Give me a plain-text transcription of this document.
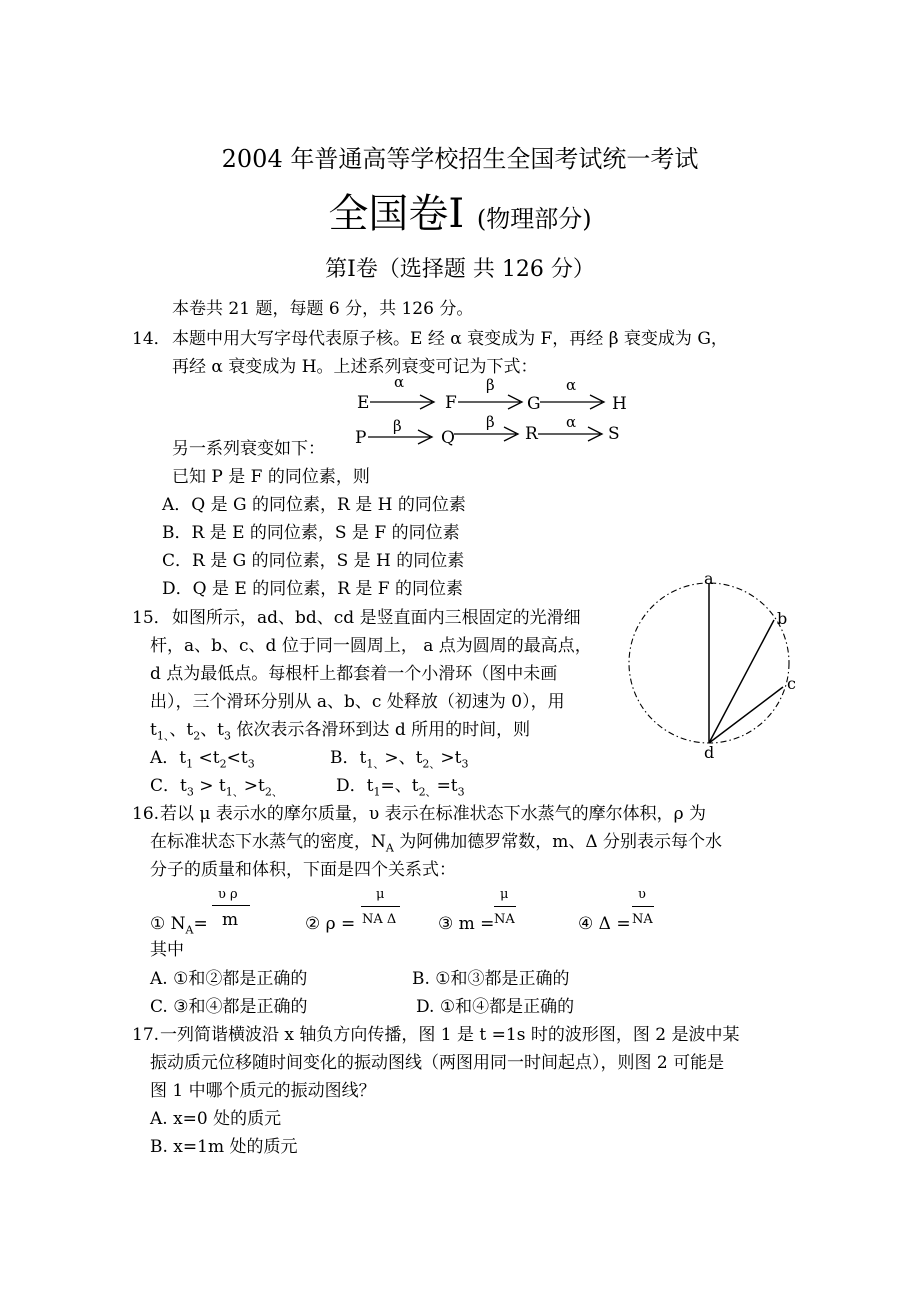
2004 年普通高等学校招生全国考试统一考试
全国卷Ⅰ (物理部分)
第Ⅰ卷（选择题 共 126 分）
本卷共 21 题，每题 6 分，共 126 分。
14． 本题中用大写字母代表原子核。E 经 α 衰变成为 F，再经 β 衰变成为 G，
再经 α 衰变成为 H。上述系列衰变可记为下式：
E	F	G	H
α	β	α
P	Q	R	S
β	β	α
a
b
c
d
另一系列衰变如下：
已知 P 是 F 的同位素，则
A．Q 是 G 的同位素，R 是 H 的同位素
B．R 是 E 的同位素，S 是 F 的同位素
C．R 是 G 的同位素，S 是 H 的同位素
D．Q 是 E 的同位素，R 是 F 的同位素
15． 如图所示，ad、bd、cd 是竖直面内三根固定的光滑细
杆，a、b、c、d 位于同一圆周上， a 点为圆周的最高点，
d 点为最低点。每根杆上都套着一个小滑环（图中未画
出），三个滑环分别从 a、b、c 处释放（初速为 0），用
$t_{1、}$、$t_2$、$t_3$ 依次表示各滑环到达 d 所用的时间，则
A．$t_1 <t_2<t_3$	B．$t_{1、}>$、$t_{2、}>t_3$
C．$t_3 > t_{1、}>t_{2、}$	D．$t_1=$、$t_{2、}=t_3$
16. 若以 μ 表示水的摩尔质量，υ 表示在标准状态下水蒸气的摩尔体积，ρ 为
在标准状态下水蒸气的密度，$N_A$ 为阿佛加德罗常数，m、Δ 分别表示每个水
分子的质量和体积，下面是四个关系式：
① $N_A=$
υ ρ
m	② ρ =
μ
NA Δ ③ m =
μ
NA	④ Δ =
υ
NA
其中
A. ①和②都是正确的	B. ①和③都是正确的
C. ③和④都是正确的	D. ①和④都是正确的
17. 一列简谐横波沿 x 轴负方向传播，图 1 是 t =1s 时的波形图，图 2 是波中某
振动质元位移随时间变化的振动图线（两图用同一时间起点），则图 2 可能是
图 1 中哪个质元的振动图线？
A. x=0 处的质元
B. x=1m 处的质元
